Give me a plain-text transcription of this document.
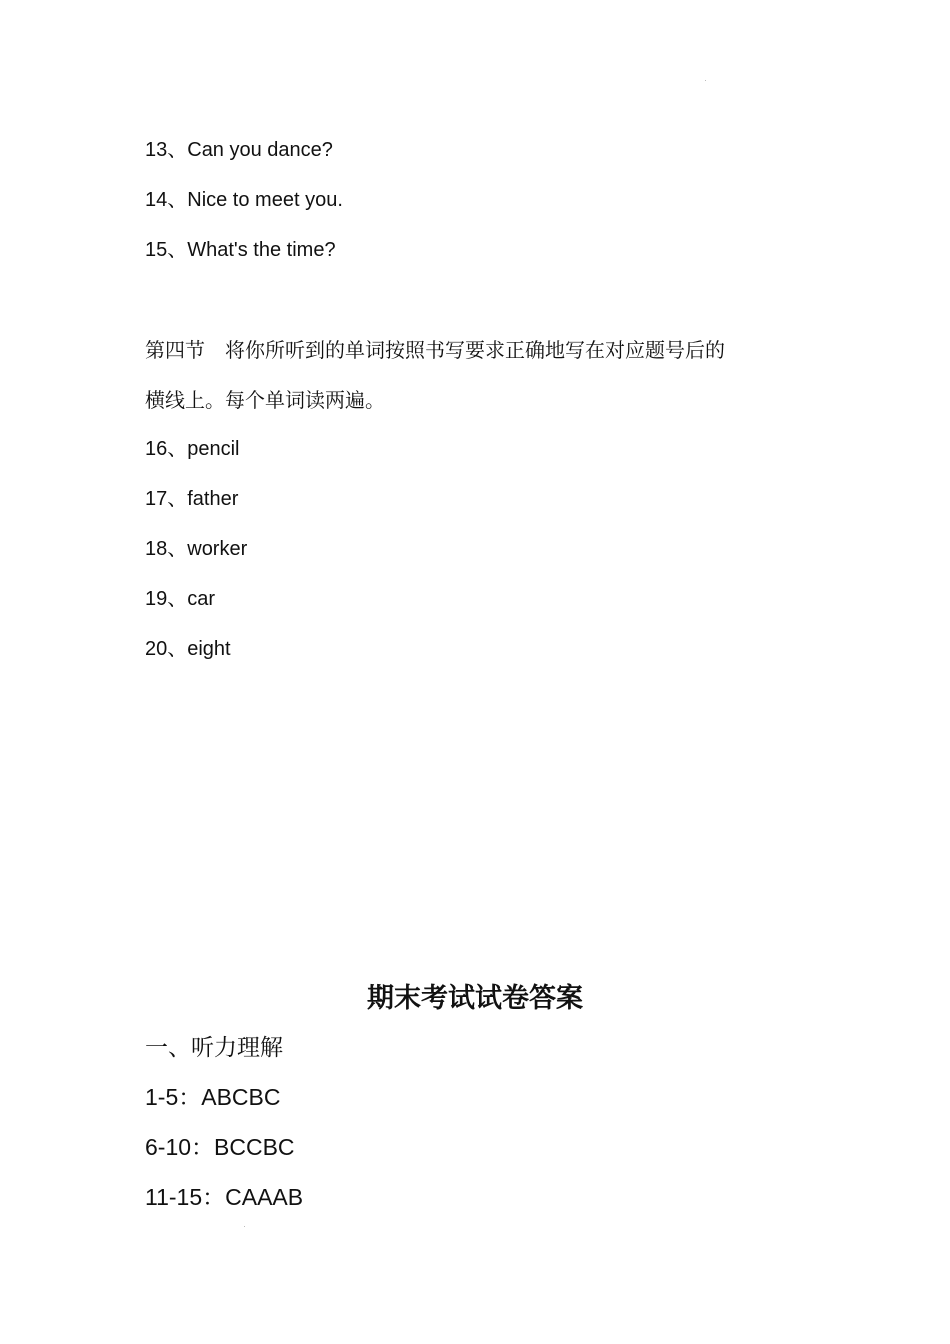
13、Can you dance?
14、Nice to meet you.
15、What's the time?
第四节　将你所听到的单词按照书写要求正确地写在对应题号后的
横线上。每个单词读两遍。
16、pencil
17、father
18、worker
19、car
20、eight
期末考试试卷答案
一、听力理解
1-5：ABCBC
6-10：BCCBC
11-15：CAAAB
